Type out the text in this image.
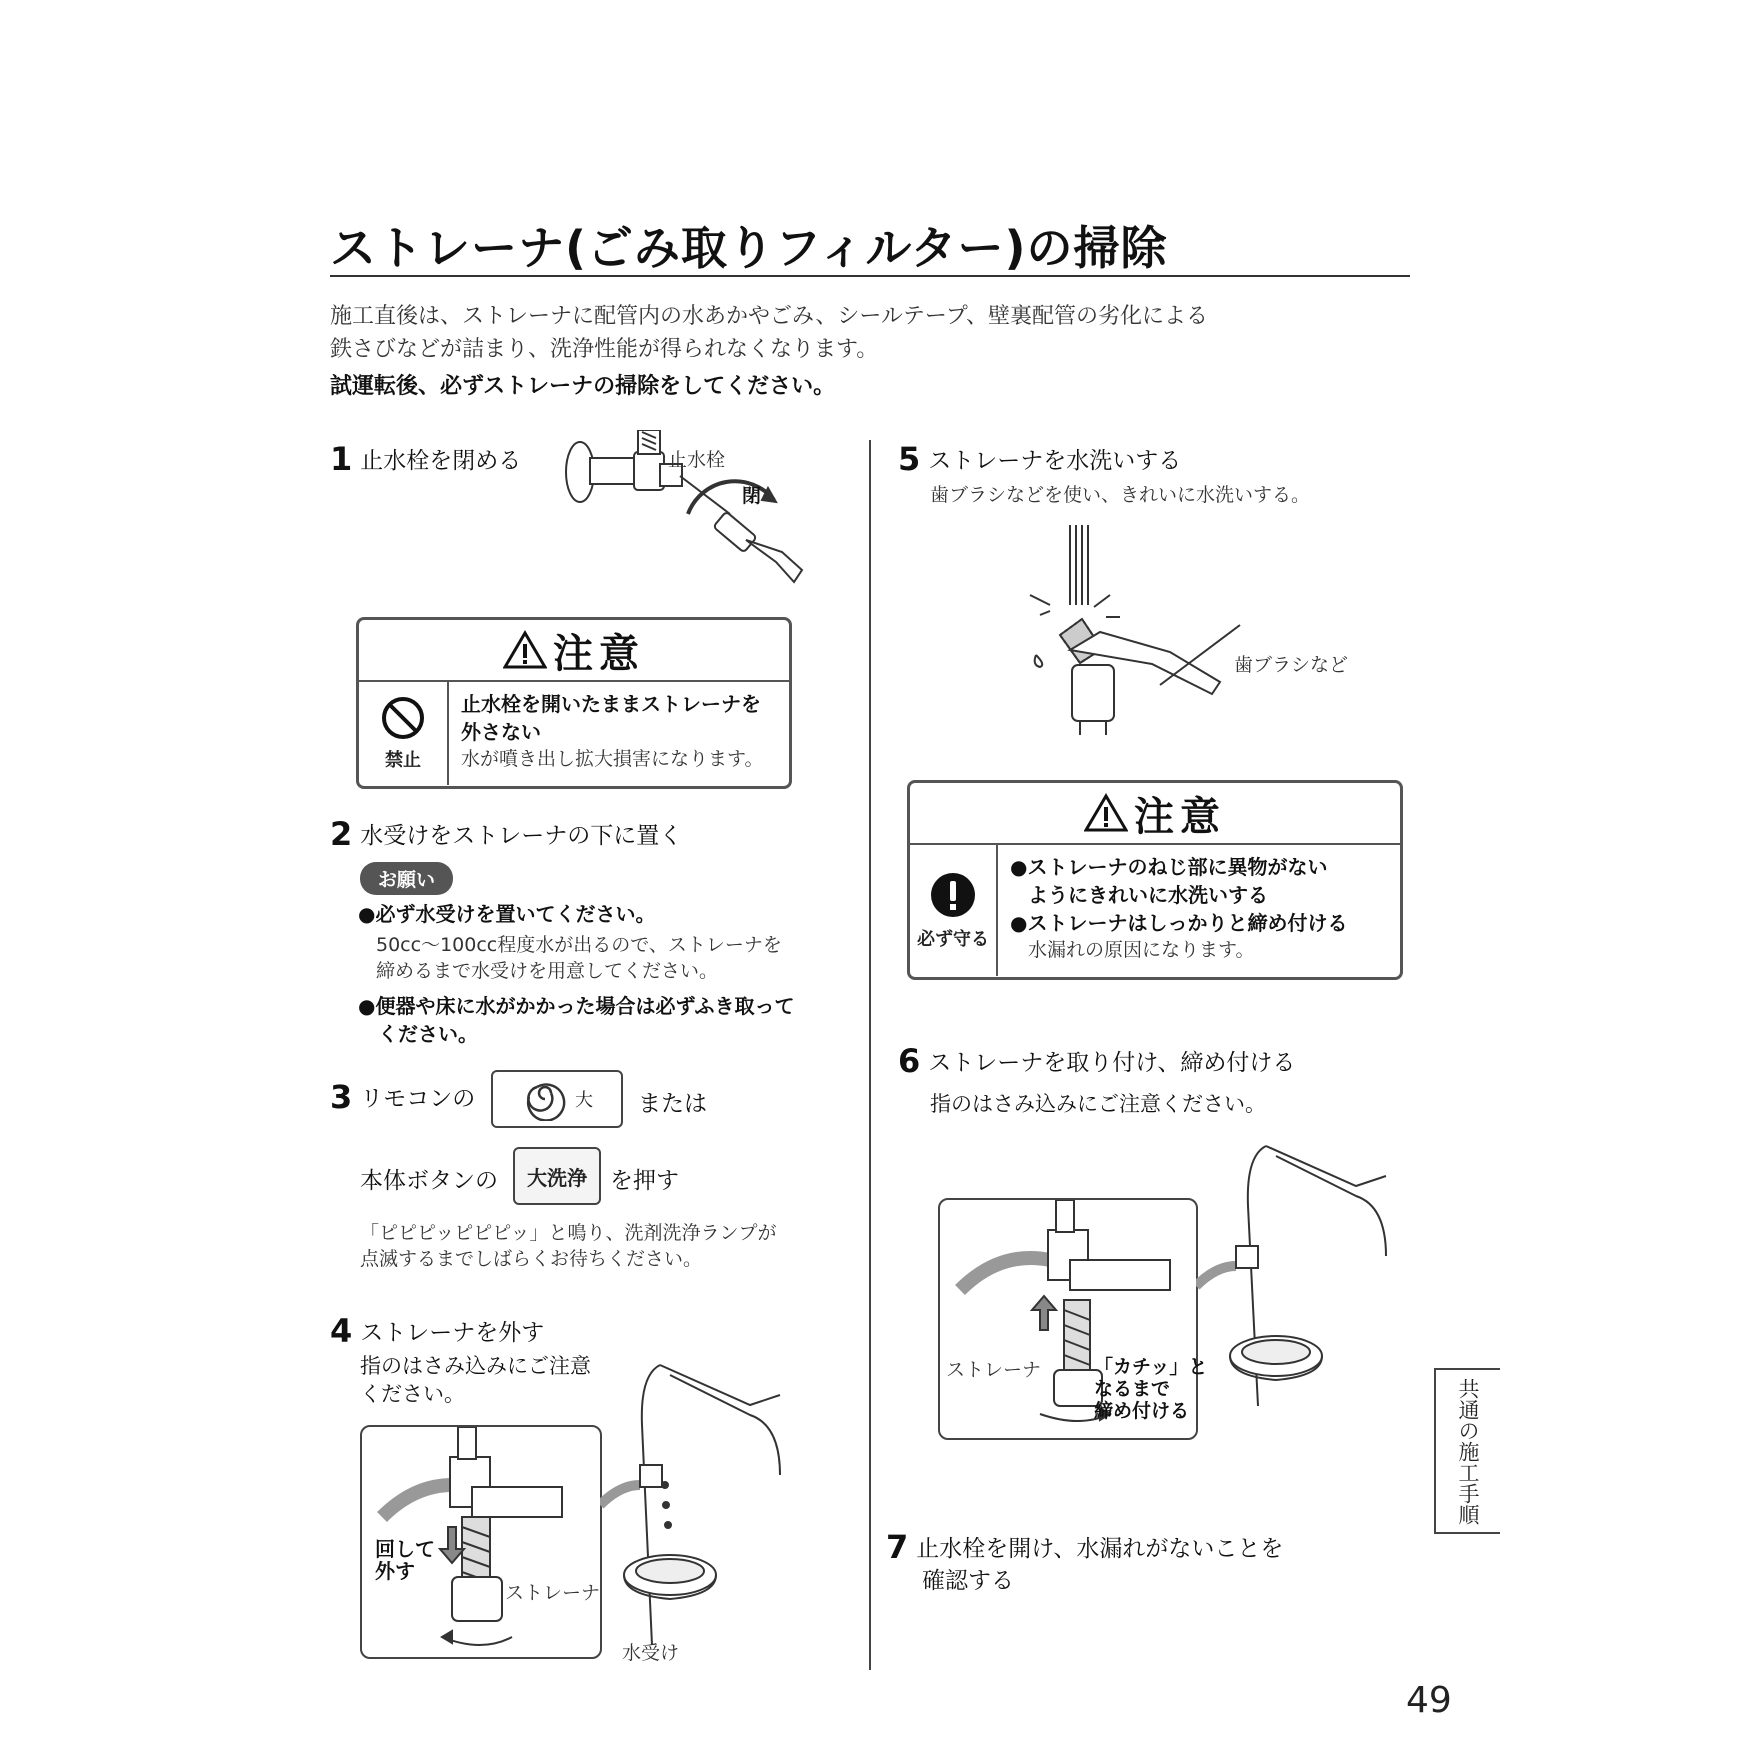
ストレーナ(ごみ取りフィルター)の掃除
施工直後は、ストレーナに配管内の水あかやごみ、シールテープ、壁裏配管の劣化による
鉄さびなどが詰まり、洗浄性能が得られなくなります。
試運転後、必ずストレーナの掃除をしてください。
1 止水栓を閉める	止水栓
閉
注意
禁止
止水栓を開いたままストレーナを
外さない
水が噴き出し拡大損害になります。
2 水受けをストレーナの下に置く
お願い
●必ず水受けを置いてください。
50cc〜100cc程度水が出るので、ストレーナを
締めるまで水受けを用意してください。
●便器や床に水がかかった場合は必ずふき取って
ください。
3 リモコンの	大 または
本体ボタンの	大洗浄	を押す
「ピピピッピピピッ」と鳴り、洗剤洗浄ランプが
点滅するまでしばらくお待ちください。
4 ストレーナを外す
指のはさみ込みにご注意
ください。
回して
外す
ストレーナ
水受け
5 ストレーナを水洗いする
歯ブラシなどを使い、きれいに水洗いする。
歯ブラシなど
注意
必ず守る
●ストレーナのねじ部に異物がない
ようにきれいに水洗いする
●ストレーナはしっかりと締め付ける
水漏れの原因になります。
6 ストレーナを取り付け、締め付ける
指のはさみ込みにご注意ください。
ストレーナ	「カチッ」と
なるまで
締め付ける
7 止水栓を開け、水漏れがないことを
確認する
共通の施工手順
49
